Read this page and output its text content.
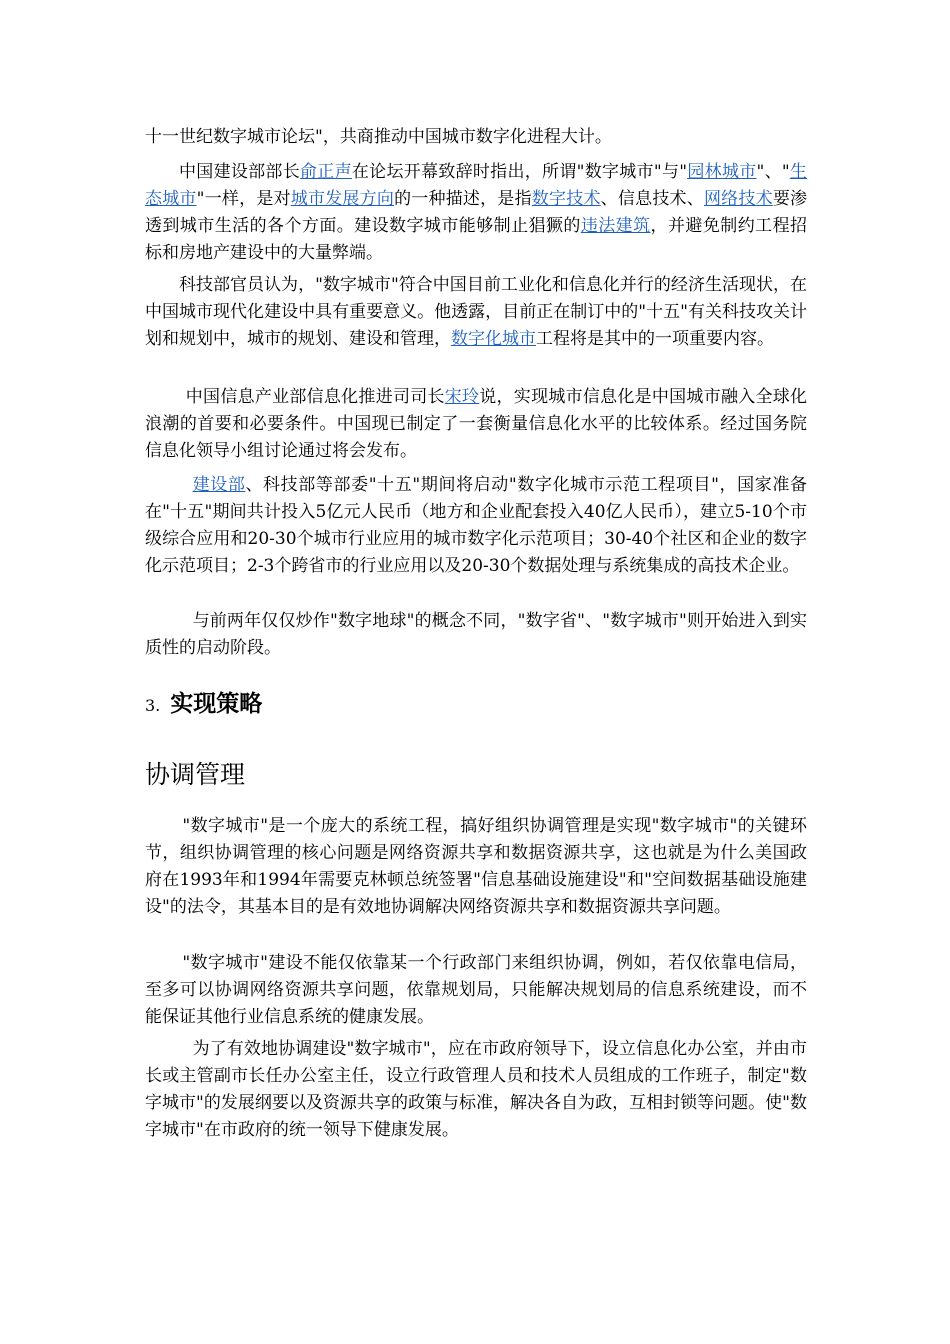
十一世纪数字城市论坛"，共商推动中国城市数字化进程大计。

中国建设部部长俞正声在论坛开幕致辞时指出，所谓"数字城市"与"园林城市"、"生态城市"一样，是对城市发展方向的一种描述，是指数字技术、信息技术、网络技术要渗透到城市生活的各个方面。建设数字城市能够制止猖獗的违法建筑，并避免制约工程招标和房地产建设中的大量弊端。

科技部官员认为，"数字城市"符合中国目前工业化和信息化并行的经济生活现状，在中国城市现代化建设中具有重要意义。他透露，目前正在制订中的"十五"有关科技攻关计划和规划中，城市的规划、建设和管理，数字化城市工程将是其中的一项重要内容。

中国信息产业部信息化推进司司长宋玲说，实现城市信息化是中国城市融入全球化浪潮的首要和必要条件。中国现已制定了一套衡量信息化水平的比较体系。经过国务院信息化领导小组讨论通过将会发布。

建设部、科技部等部委"十五"期间将启动"数字化城市示范工程项目"，国家准备在"十五"期间共计投入5亿元人民币（地方和企业配套投入40亿人民币），建立5-10个市级综合应用和20-30个城市行业应用的城市数字化示范项目；30-40个社区和企业的数字化示范项目；2-3个跨省市的行业应用以及20-30个数据处理与系统集成的高技术企业。

与前两年仅仅炒作"数字地球"的概念不同，"数字省"、"数字城市"则开始进入到实质性的启动阶段。

3. 实现策略
协调管理

"数字城市"是一个庞大的系统工程，搞好组织协调管理是实现"数字城市"的关键环节，组织协调管理的核心问题是网络资源共享和数据资源共享，这也就是为什么美国政府在1993年和1994年需要克林顿总统签署"信息基础设施建设"和"空间数据基础设施建设"的法令，其基本目的是有效地协调解决网络资源共享和数据资源共享问题。

"数字城市"建设不能仅依靠某一个行政部门来组织协调，例如，若仅依靠电信局，至多可以协调网络资源共享问题，依靠规划局，只能解决规划局的信息系统建设，而不能保证其他行业信息系统的健康发展。

为了有效地协调建设"数字城市"，应在市政府领导下，设立信息化办公室，并由市长或主管副市长任办公室主任，设立行政管理人员和技术人员组成的工作班子，制定"数字城市"的发展纲要以及资源共享的政策与标准，解决各自为政，互相封锁等问题。使"数字城市"在市政府的统一领导下健康发展。
